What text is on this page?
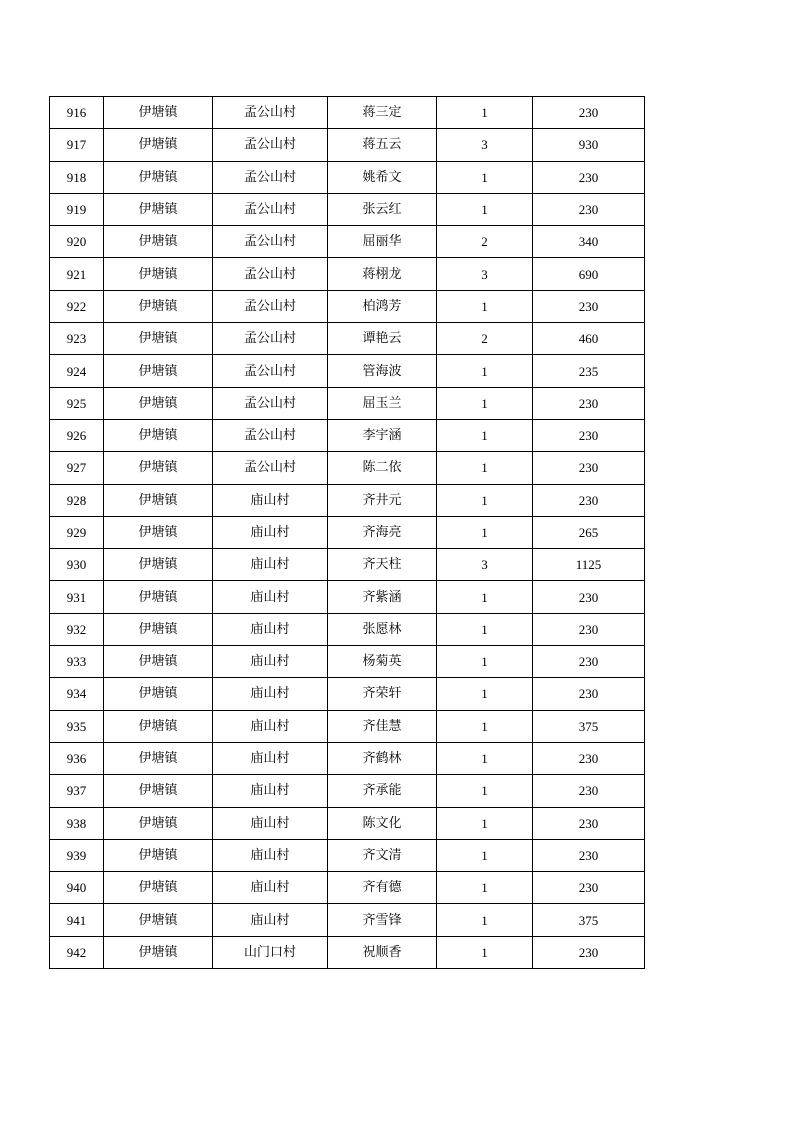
916	伊塘镇	孟公山村	蒋三定	1	230
917	伊塘镇	孟公山村	蒋五云	3	930
918	伊塘镇	孟公山村	姚希文	1	230
919	伊塘镇	孟公山村	张云红	1	230
920	伊塘镇	孟公山村	屈丽华	2	340
921	伊塘镇	孟公山村	蒋栩龙	3	690
922	伊塘镇	孟公山村	柏鸿芳	1	230
923	伊塘镇	孟公山村	谭艳云	2	460
924	伊塘镇	孟公山村	管海波	1	235
925	伊塘镇	孟公山村	屈玉兰	1	230
926	伊塘镇	孟公山村	李宇涵	1	230
927	伊塘镇	孟公山村	陈二依	1	230
928	伊塘镇	庙山村	齐井元	1	230
929	伊塘镇	庙山村	齐海亮	1	265
930	伊塘镇	庙山村	齐天柱	3	1125
931	伊塘镇	庙山村	齐紫涵	1	230
932	伊塘镇	庙山村	张愿林	1	230
933	伊塘镇	庙山村	杨菊英	1	230
934	伊塘镇	庙山村	齐荣轩	1	230
935	伊塘镇	庙山村	齐佳慧	1	375
936	伊塘镇	庙山村	齐鹤林	1	230
937	伊塘镇	庙山村	齐承能	1	230
938	伊塘镇	庙山村	陈文化	1	230
939	伊塘镇	庙山村	齐文清	1	230
940	伊塘镇	庙山村	齐有德	1	230
941	伊塘镇	庙山村	齐雪锋	1	375
942	伊塘镇	山门口村	祝顺香	1	230
